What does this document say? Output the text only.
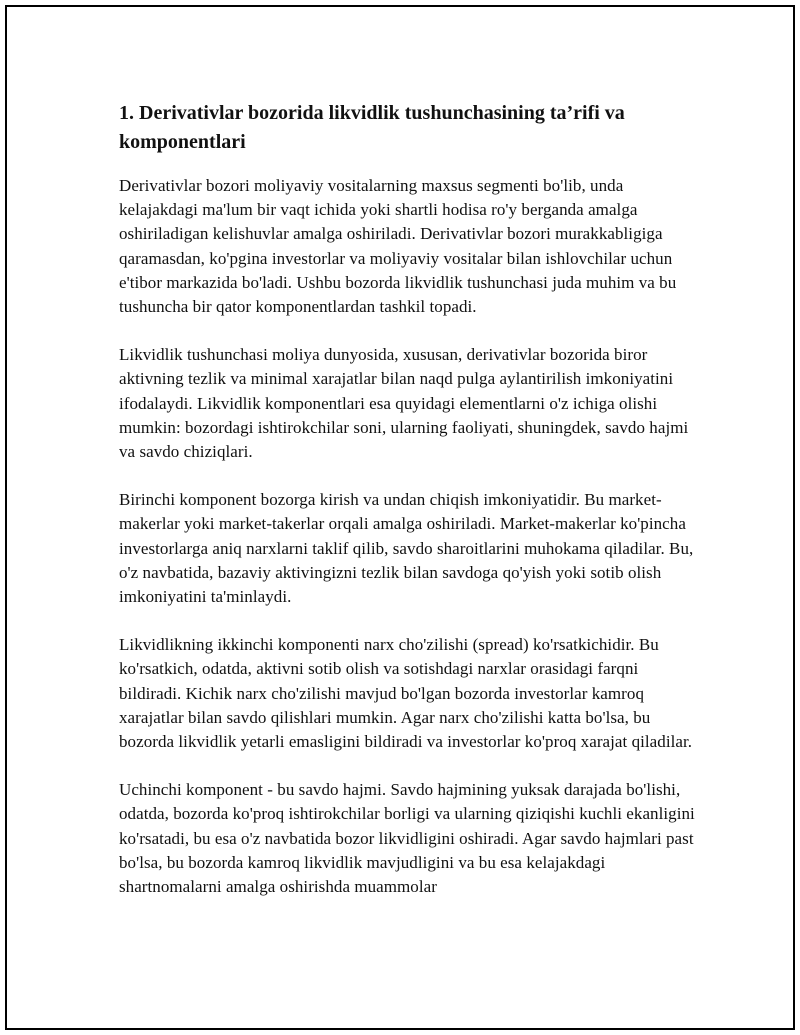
1. Derivativlar bozorida likvidlik tushunchasining ta’rifi va komponentlari

Derivativlar bozori moliyaviy vositalarning maxsus segmenti bo'lib, unda kelajakdagi ma'lum bir vaqt ichida yoki shartli hodisa ro'y berganda amalga oshiriladigan kelishuvlar amalga oshiriladi. Derivativlar bozori murakkabligiga qaramasdan, ko'pgina investorlar va moliyaviy vositalar bilan ishlovchilar uchun e'tibor markazida bo'ladi. Ushbu bozorda likvidlik tushunchasi juda muhim va bu tushuncha bir qator komponentlardan tashkil topadi.

Likvidlik tushunchasi moliya dunyosida, xususan, derivativlar bozorida biror aktivning tezlik va minimal xarajatlar bilan naqd pulga aylantirilish imkoniyatini ifodalaydi. Likvidlik komponentlari esa quyidagi elementlarni o'z ichiga olishi mumkin: bozordagi ishtirokchilar soni, ularning faoliyati, shuningdek, savdo hajmi va savdo chiziqlari.

Birinchi komponent bozorga kirish va undan chiqish imkoniyatidir. Bu market-makerlar yoki market-takerlar orqali amalga oshiriladi. Market-makerlar ko'pincha investorlarga aniq narxlarni taklif qilib, savdo sharoitlarini muhokama qiladilar. Bu, o'z navbatida, bazaviy aktivingizni tezlik bilan savdoga qo'yish yoki sotib olish imkoniyatini ta'minlaydi.

Likvidlikning ikkinchi komponenti narx cho'zilishi (spread) ko'rsatkichidir. Bu ko'rsatkich, odatda, aktivni sotib olish va sotishdagi narxlar orasidagi farqni bildiradi. Kichik narx cho'zilishi mavjud bo'lgan bozorda investorlar kamroq xarajatlar bilan savdo qilishlari mumkin. Agar narx cho'zilishi katta bo'lsa, bu bozorda likvidlik yetarli emasligini bildiradi va investorlar ko'proq xarajat qiladilar.

Uchinchi komponent - bu savdo hajmi. Savdo hajmining yuksak darajada bo'lishi, odatda, bozorda ko'proq ishtirokchilar borligi va ularning qiziqishi kuchli ekanligini ko'rsatadi, bu esa o'z navbatida bozor likvidligini oshiradi. Agar savdo hajmlari past bo'lsa, bu bozorda kamroq likvidlik mavjudligini va bu esa kelajakdagi shartnomalarni amalga oshirishda muammolar
